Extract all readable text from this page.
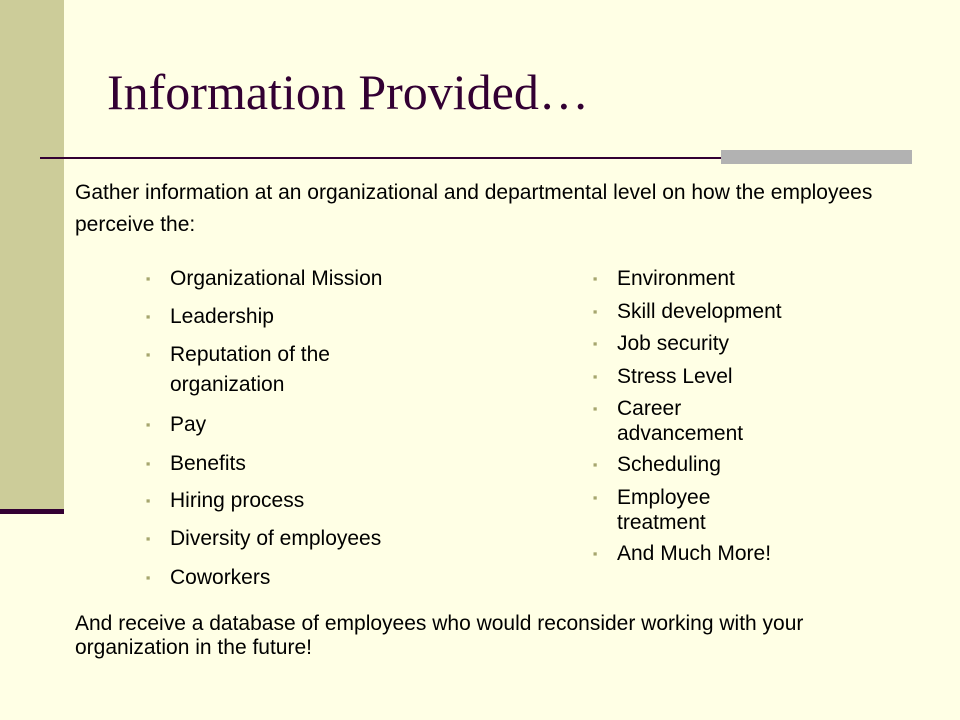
Information Provided…

Gather information at an organizational and departmental level on how the employees perceive the:

▪ Organizational Mission
▪ Leadership
▪ Reputation of the organization
▪ Pay
▪ Benefits
▪ Hiring process
▪ Diversity of employees
▪ Coworkers
▪ Environment
▪ Skill development
▪ Job security
▪ Stress Level
▪ Career advancement
▪ Scheduling
▪ Employee treatment
▪ And Much More!

And receive a database of employees who would reconsider working with your organization in the future!
